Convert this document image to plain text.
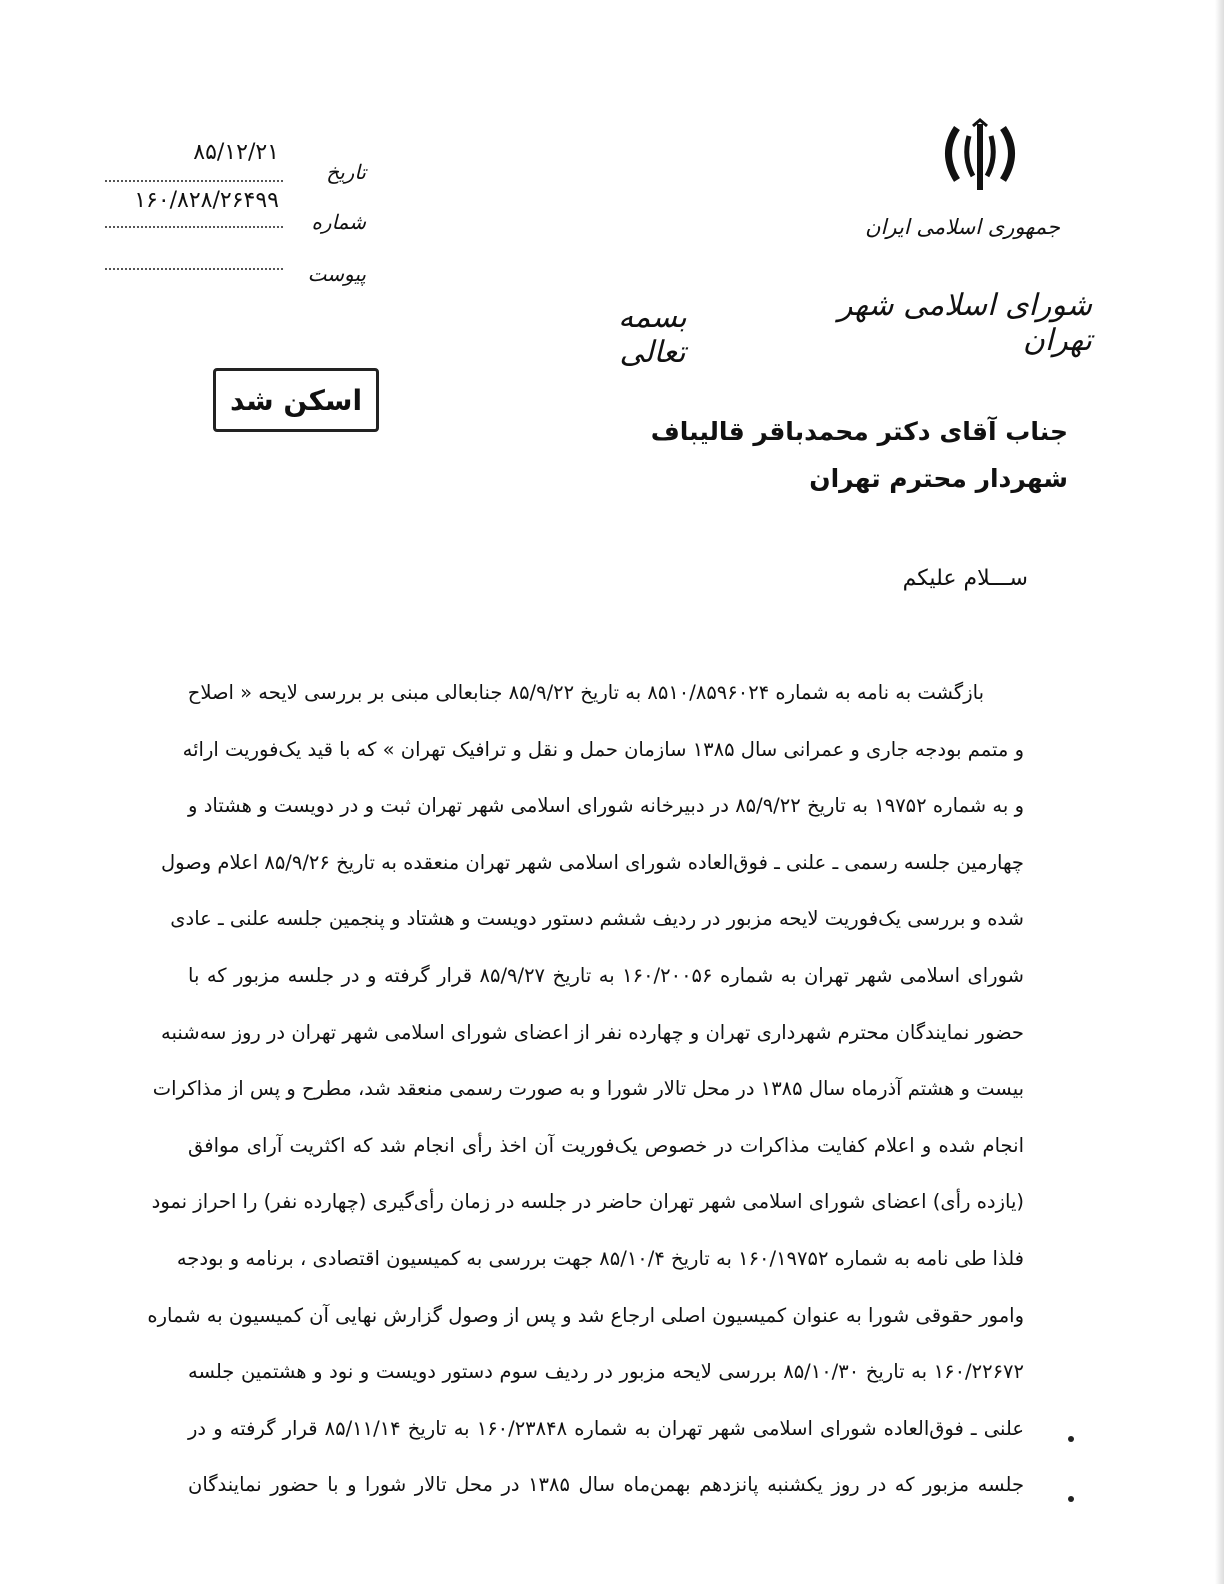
جمهوری اسلامی ایران
شورای اسلامی شهر تهران
بسمه تعالی
۸۵/۱۲/۲۱
۱۶۰/۸۲۸/۲۶۴۹۹
تاریخ
شماره
پیوست
اسکن شد
جناب آقای دکتر محمدباقر قالیباف
شهردار محترم تهران
ســـلام علیکم
بازگشت به نامه به شماره ۸۵۱۰/۸۵۹۶۰۲۴ به تاریخ ۸۵/۹/۲۲ جنابعالی مبنی بر بررسی لایحه « اصلاح
و متمم بودجه جاری و عمرانی سال ۱۳۸۵ سازمان حمل و نقل و ترافیک تهران » که با قید یک‌فوریت ارائه
و به شماره ۱۹۷۵۲ به تاریخ ۸۵/۹/۲۲ در دبیرخانه شورای اسلامی شهر تهران ثبت و در دویست و هشتاد و
چهارمین جلسه رسمی ـ علنی ـ فوق‌العاده شورای اسلامی شهر تهران منعقده به تاریخ ۸۵/۹/۲۶ اعلام وصول
شده و بررسی یک‌فوریت لایحه مزبور در ردیف ششم دستور دویست و هشتاد و پنجمین جلسه علنی ـ عادی
شورای اسلامی شهر تهران به شماره ۱۶۰/۲۰۰۵۶ به تاریخ ۸۵/۹/۲۷ قرار گرفته و در جلسه مزبور که با
حضور نمایندگان محترم شهرداری تهران و چهارده نفر از اعضای شورای اسلامی شهر تهران در روز سه‌شنبه
بیست و هشتم آذرماه سال ۱۳۸۵ در محل تالار شورا و به صورت رسمی منعقد شد، مطرح و پس از مذاکرات
انجام شده و اعلام کفایت مذاکرات در خصوص یک‌فوریت آن اخذ رأی انجام شد که اکثریت آرای موافق
(یازده رأی) اعضای شورای اسلامی شهر تهران حاضر در جلسه در زمان رأی‌گیری (چهارده نفر) را احراز نمود
فلذا طی نامه به شماره ۱۶۰/۱۹۷۵۲ به تاریخ ۸۵/۱۰/۴ جهت بررسی به کمیسیون اقتصادی ، برنامه و بودجه
وامور حقوقی شورا به عنوان کمیسیون اصلی ارجاع شد و پس از وصول گزارش نهایی آن کمیسیون به شماره
۱۶۰/۲۲۶۷۲ به تاریخ ۸۵/۱۰/۳۰ بررسی لایحه مزبور در ردیف سوم دستور دویست و نود و هشتمین جلسه
علنی ـ فوق‌العاده شورای اسلامی شهر تهران به شماره ۱۶۰/۲۳۸۴۸ به تاریخ ۸۵/۱۱/۱۴ قرار گرفته و در
جلسه مزبور که در روز یکشنبه پانزدهم بهمن‌ماه سال ۱۳۸۵ در محل تالار شورا و با حضور نمایندگان
